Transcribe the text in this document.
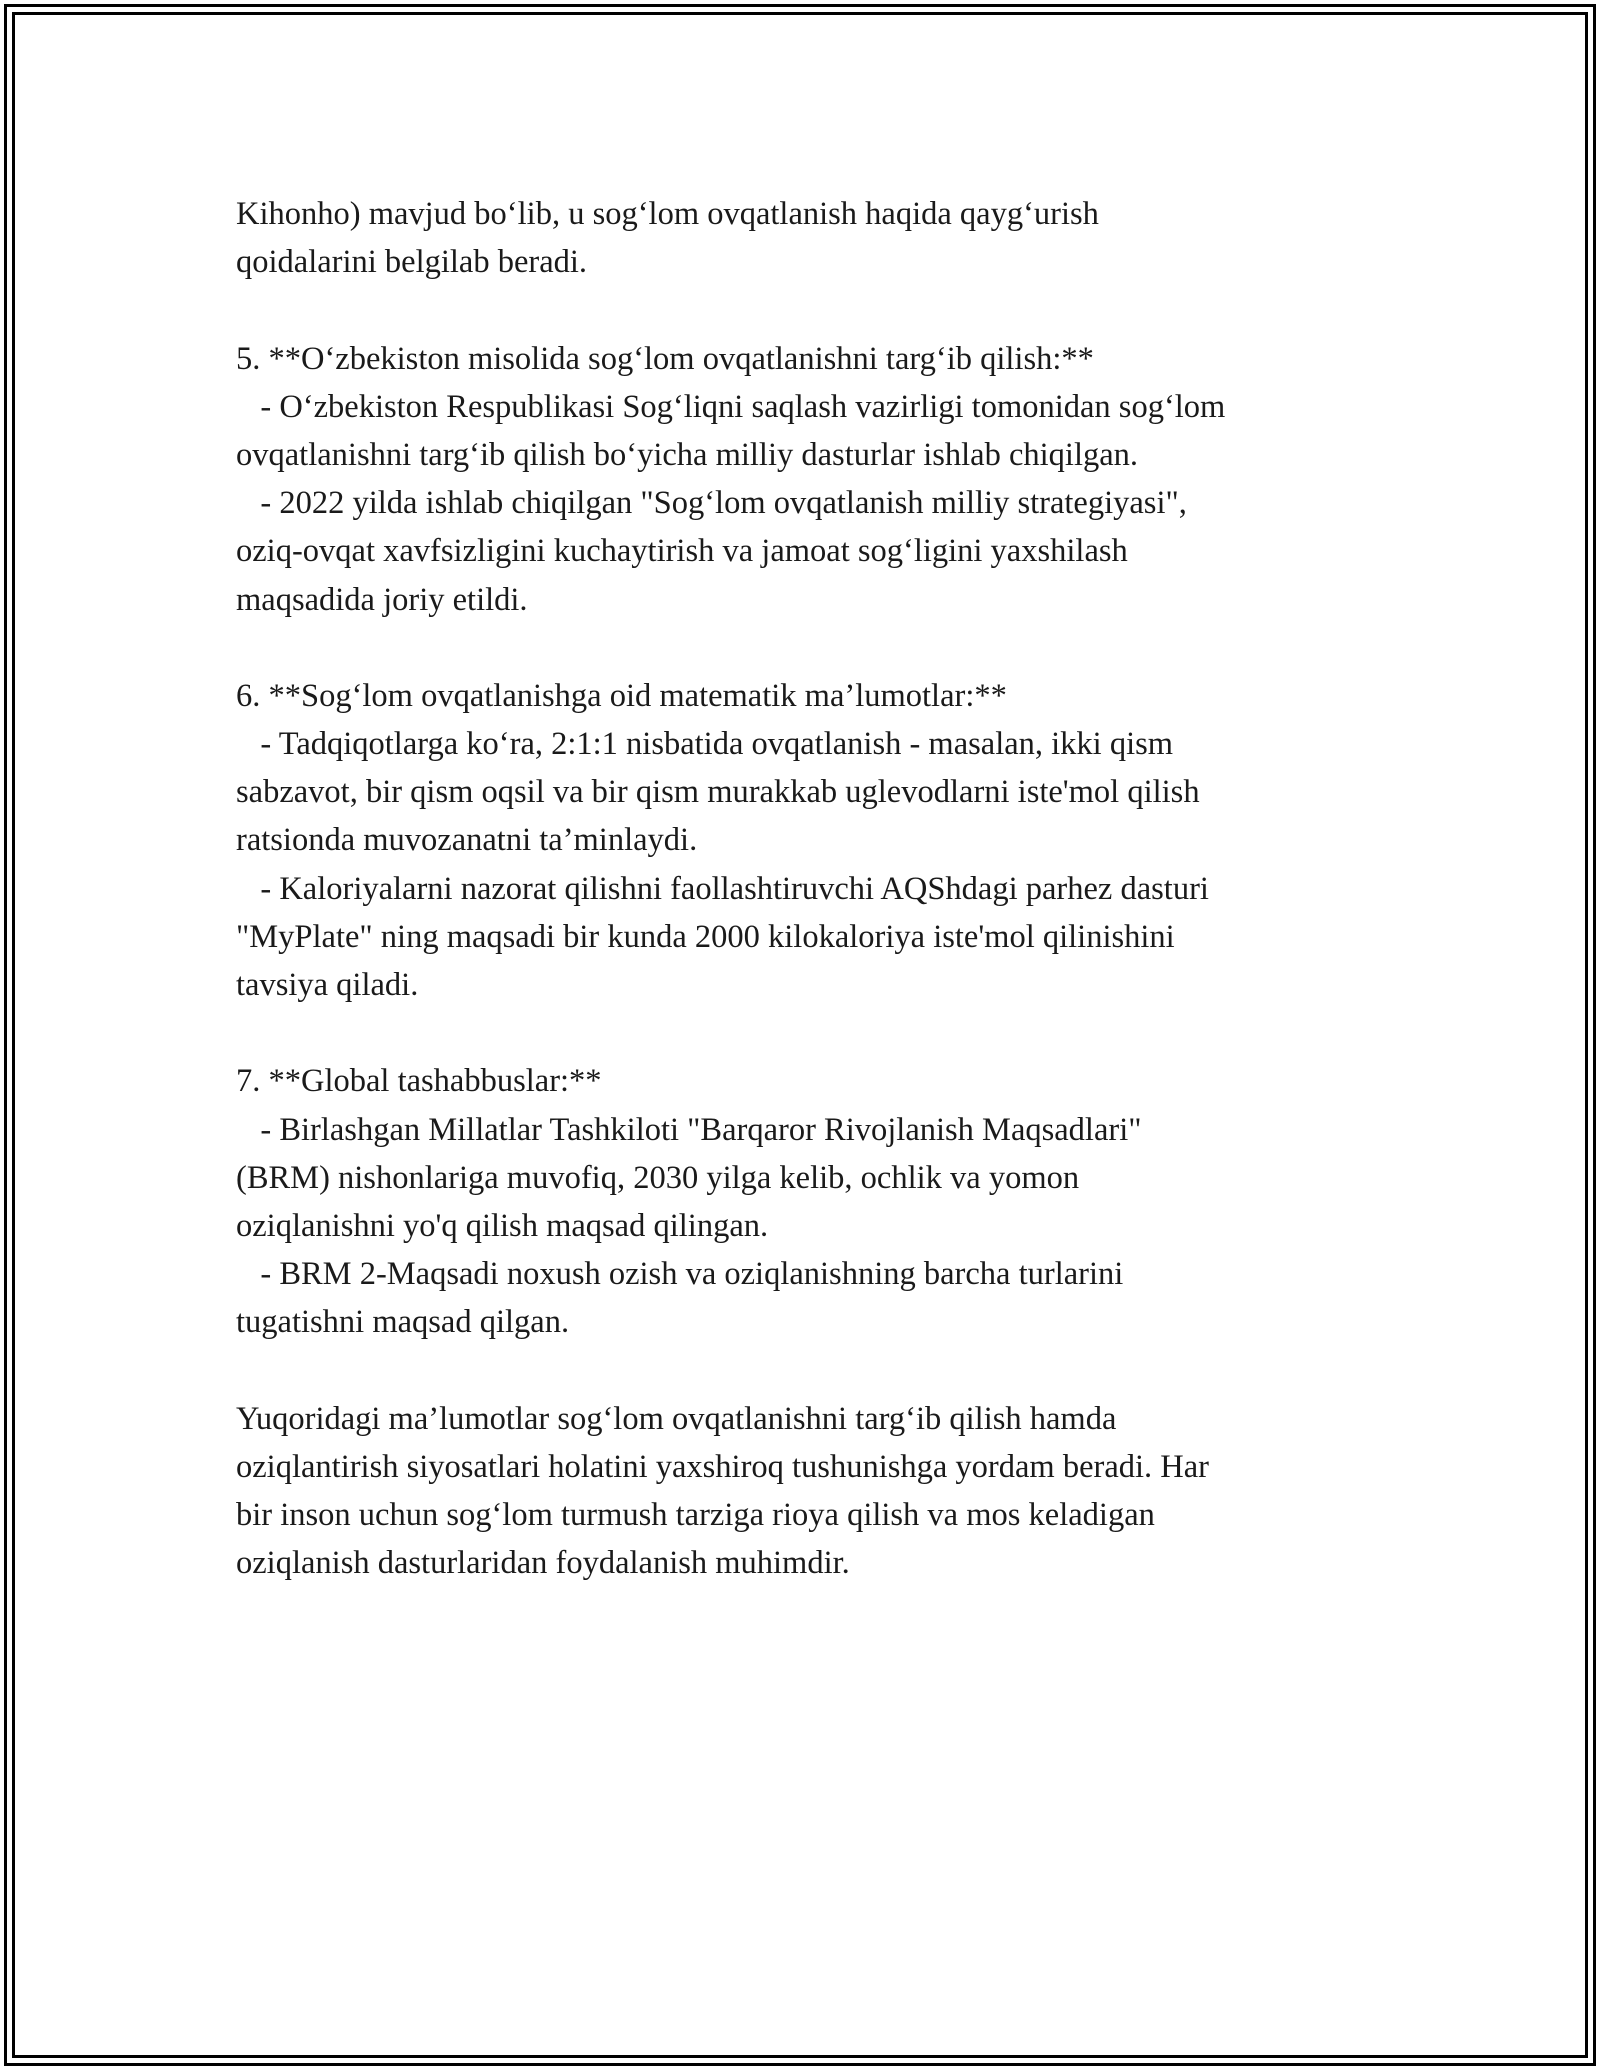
Kihonho) mavjud bo‘lib, u sog‘lom ovqatlanish haqida qayg‘urish
qoidalarini belgilab beradi.
5. **O‘zbekiston misolida sog‘lom ovqatlanishni targ‘ib qilish:**
- O‘zbekiston Respublikasi Sog‘liqni saqlash vazirligi tomonidan sog‘lom
ovqatlanishni targ‘ib qilish bo‘yicha milliy dasturlar ishlab chiqilgan.
- 2022 yilda ishlab chiqilgan "Sog‘lom ovqatlanish milliy strategiyasi",
oziq-ovqat xavfsizligini kuchaytirish va jamoat sog‘ligini yaxshilash
maqsadida joriy etildi.
6. **Sog‘lom ovqatlanishga oid matematik ma’lumotlar:**
- Tadqiqotlarga ko‘ra, 2:1:1 nisbatida ovqatlanish - masalan, ikki qism
sabzavot, bir qism oqsil va bir qism murakkab uglevodlarni iste'mol qilish
ratsionda muvozanatni ta’minlaydi.
- Kaloriyalarni nazorat qilishni faollashtiruvchi AQShdagi parhez dasturi
"MyPlate" ning maqsadi bir kunda 2000 kilokaloriya iste'mol qilinishini
tavsiya qiladi.
7. **Global tashabbuslar:**
- Birlashgan Millatlar Tashkiloti "Barqaror Rivojlanish Maqsadlari"
(BRM) nishonlariga muvofiq, 2030 yilga kelib, ochlik va yomon
oziqlanishni yo'q qilish maqsad qilingan.
- BRM 2-Maqsadi noxush ozish va oziqlanishning barcha turlarini
tugatishni maqsad qilgan.
Yuqoridagi ma’lumotlar sog‘lom ovqatlanishni targ‘ib qilish hamda
oziqlantirish siyosatlari holatini yaxshiroq tushunishga yordam beradi. Har
bir inson uchun sog‘lom turmush tarziga rioya qilish va mos keladigan
oziqlanish dasturlaridan foydalanish muhimdir.
